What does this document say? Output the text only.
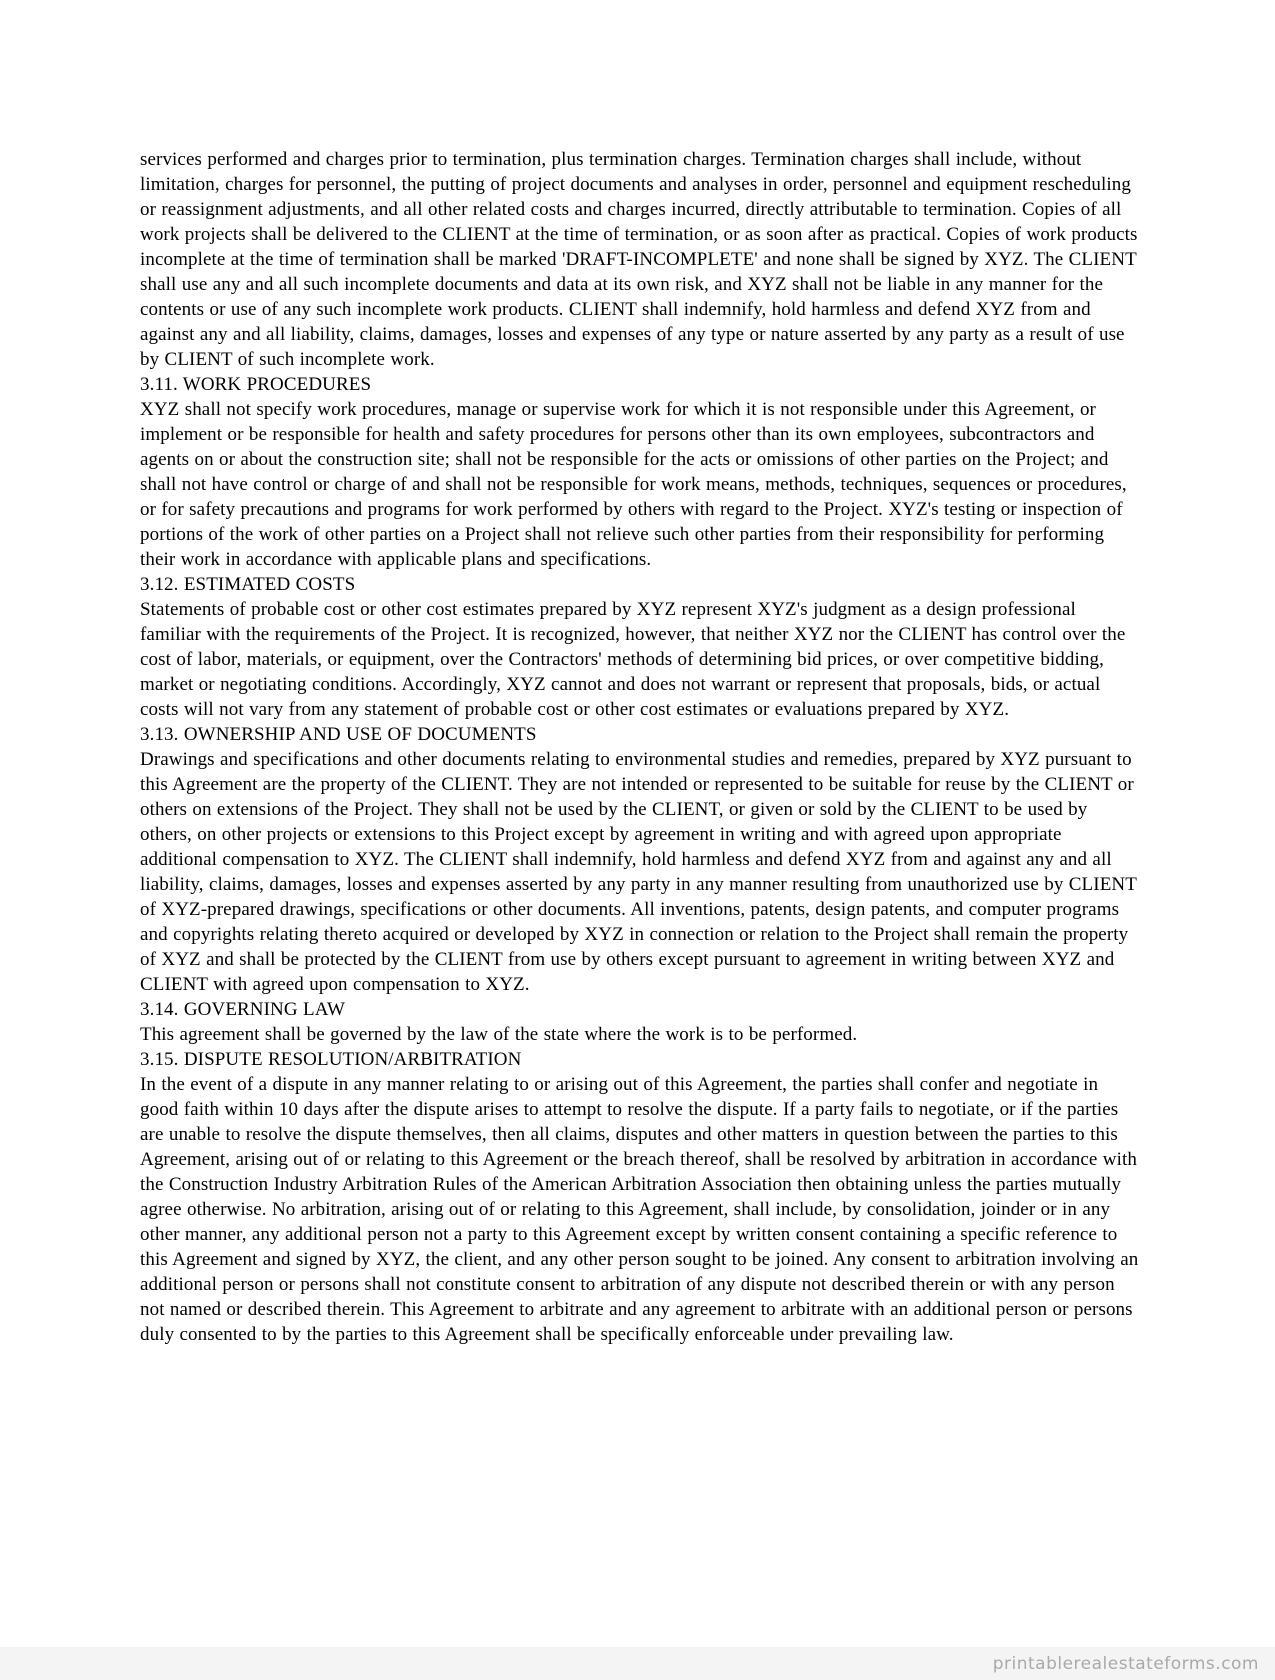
services performed and charges prior to termination, plus termination charges. Termination charges shall include, without limitation, charges for personnel, the putting of project documents and analyses in order, personnel and equipment rescheduling or reassignment adjustments, and all other related costs and charges incurred, directly attributable to termination. Copies of all work projects shall be delivered to the CLIENT at the time of termination, or as soon after as practical. Copies of work products incomplete at the time of termination shall be marked 'DRAFT-INCOMPLETE' and none shall be signed by XYZ. The CLIENT shall use any and all such incomplete documents and data at its own risk, and XYZ shall not be liable in any manner for the contents or use of any such incomplete work products. CLIENT shall indemnify, hold harmless and defend XYZ from and against any and all liability, claims, damages, losses and expenses of any type or nature asserted by any party as a result of use by CLIENT of such incomplete work.
3.11. WORK PROCEDURES
XYZ shall not specify work procedures, manage or supervise work for which it is not responsible under this Agreement, or implement or be responsible for health and safety procedures for persons other than its own employees, subcontractors and agents on or about the construction site; shall not be responsible for the acts or omissions of other parties on the Project; and shall not have control or charge of and shall not be responsible for work means, methods, techniques, sequences or procedures, or for safety precautions and programs for work performed by others with regard to the Project. XYZ's testing or inspection of portions of the work of other parties on a Project shall not relieve such other parties from their responsibility for performing their work in accordance with applicable plans and specifications.
3.12. ESTIMATED COSTS
Statements of probable cost or other cost estimates prepared by XYZ represent XYZ's judgment as a design professional familiar with the requirements of the Project. It is recognized, however, that neither XYZ nor the CLIENT has control over the cost of labor, materials, or equipment, over the Contractors' methods of determining bid prices, or over competitive bidding, market or negotiating conditions. Accordingly, XYZ cannot and does not warrant or represent that proposals, bids, or actual costs will not vary from any statement of probable cost or other cost estimates or evaluations prepared by XYZ.
3.13. OWNERSHIP AND USE OF DOCUMENTS
Drawings and specifications and other documents relating to environmental studies and remedies, prepared by XYZ pursuant to this Agreement are the property of the CLIENT. They are not intended or represented to be suitable for reuse by the CLIENT or others on extensions of the Project. They shall not be used by the CLIENT, or given or sold by the CLIENT to be used by others, on other projects or extensions to this Project except by agreement in writing and with agreed upon appropriate additional compensation to XYZ. The CLIENT shall indemnify, hold harmless and defend XYZ from and against any and all liability, claims, damages, losses and expenses asserted by any party in any manner resulting from unauthorized use by CLIENT of XYZ-prepared drawings, specifications or other documents. All inventions, patents, design patents, and computer programs and copyrights relating thereto acquired or developed by XYZ in connection or relation to the Project shall remain the property of XYZ and shall be protected by the CLIENT from use by others except pursuant to agreement in writing between XYZ and CLIENT with agreed upon compensation to XYZ.
3.14. GOVERNING LAW
This agreement shall be governed by the law of the state where the work is to be performed.
3.15. DISPUTE RESOLUTION/ARBITRATION
In the event of a dispute in any manner relating to or arising out of this Agreement, the parties shall confer and negotiate in good faith within 10 days after the dispute arises to attempt to resolve the dispute. If a party fails to negotiate, or if the parties are unable to resolve the dispute themselves, then all claims, disputes and other matters in question between the parties to this Agreement, arising out of or relating to this Agreement or the breach thereof, shall be resolved by arbitration in accordance with the Construction Industry Arbitration Rules of the American Arbitration Association then obtaining unless the parties mutually agree otherwise. No arbitration, arising out of or relating to this Agreement, shall include, by consolidation, joinder or in any other manner, any additional person not a party to this Agreement except by written consent containing a specific reference to this Agreement and signed by XYZ, the client, and any other person sought to be joined. Any consent to arbitration involving an additional person or persons shall not constitute consent to arbitration of any dispute not described therein or with any person not named or described therein. This Agreement to arbitrate and any agreement to arbitrate with an additional person or persons duly consented to by the parties to this Agreement shall be specifically enforceable under prevailing law.
printablerealestateforms.com
